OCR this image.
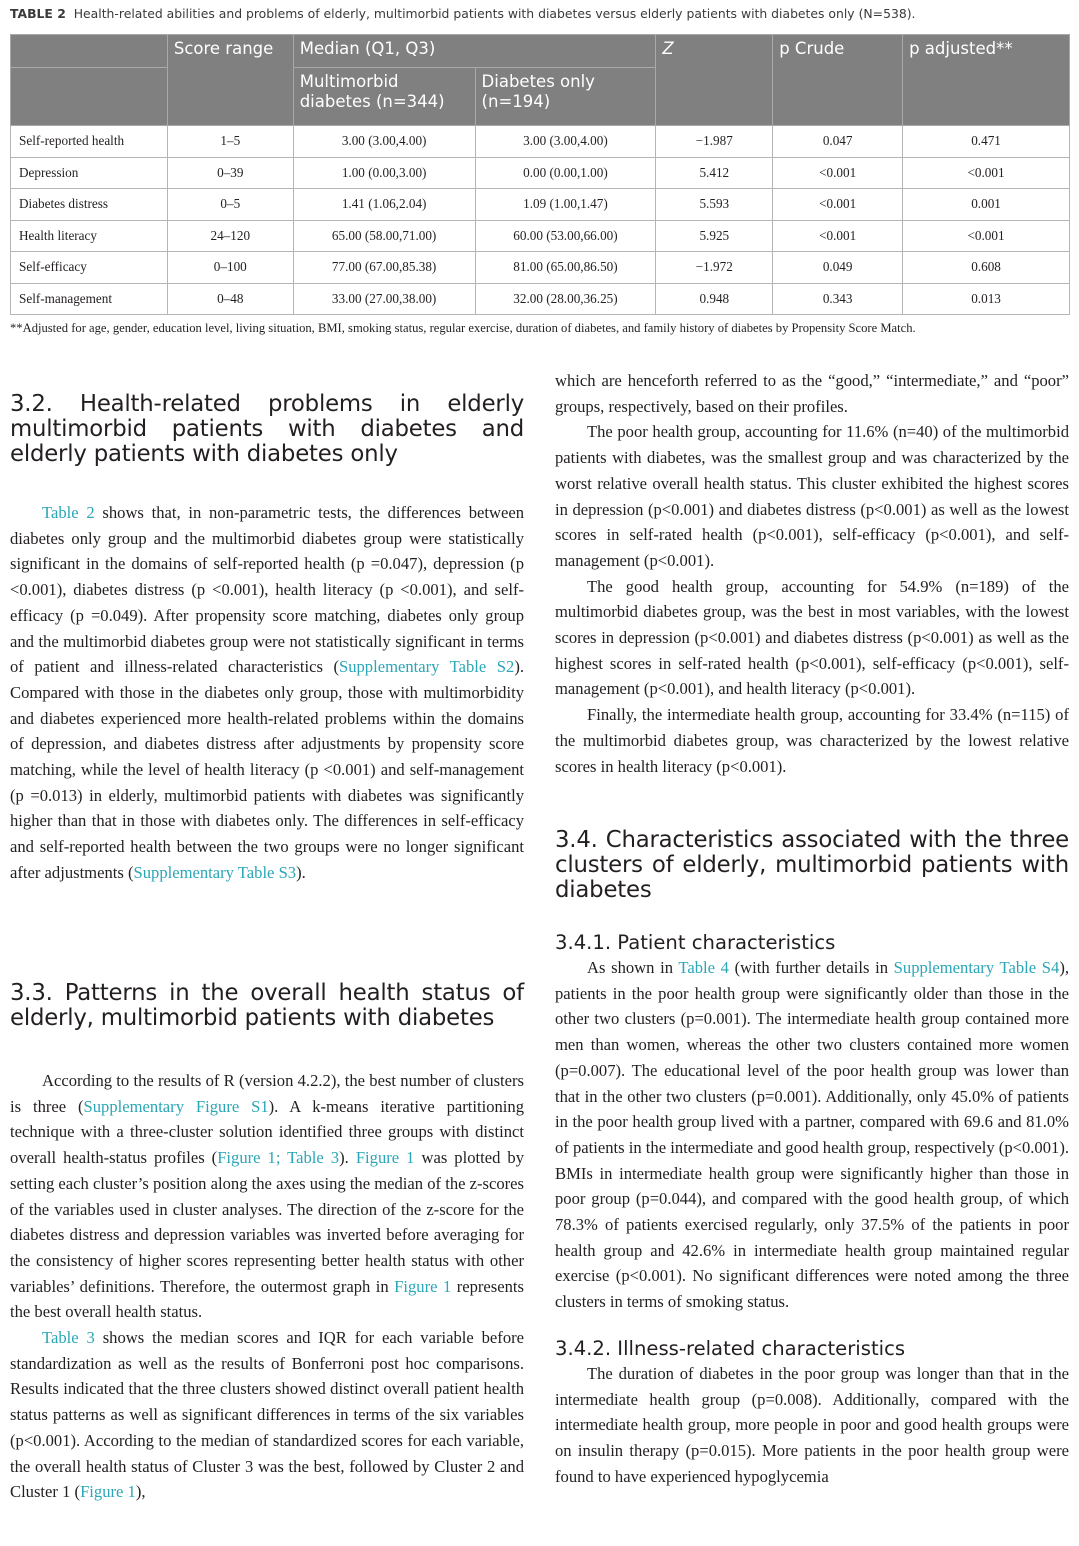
TABLE 2 Health-related abilities and problems of elderly, multimorbid patients with diabetes versus elderly patients with diabetes only (N=538).
	Score range	Median (Q1, Q3)		Z	p Crude	p adjusted**
		Multimorbid diabetes (n=344)	Diabetes only (n=194)			
Self-reported health	1–5	3.00 (3.00,4.00)	3.00 (3.00,4.00)	−1.987	0.047	0.471
Depression	0–39	1.00 (0.00,3.00)	0.00 (0.00,1.00)	5.412	<0.001	<0.001
Diabetes distress	0–5	1.41 (1.06,2.04)	1.09 (1.00,1.47)	5.593	<0.001	0.001
Health literacy	24–120	65.00 (58.00,71.00)	60.00 (53.00,66.00)	5.925	<0.001	<0.001
Self-efficacy	0–100	77.00 (67.00,85.38)	81.00 (65.00,86.50)	−1.972	0.049	0.608
Self-management	0–48	33.00 (27.00,38.00)	32.00 (28.00,36.25)	0.948	0.343	0.013
**Adjusted for age, gender, education level, living situation, BMI, smoking status, regular exercise, duration of diabetes, and family history of diabetes by Propensity Score Match.
3.2. Health-related problems in elderly multimorbid patients with diabetes and elderly patients with diabetes only

Table 2 shows that, in non-parametric tests, the differences between diabetes only group and the multimorbid diabetes group were statistically significant in the domains of self-reported health (p =0.047), depression (p <0.001), diabetes distress (p <0.001), health literacy (p <0.001), and self-efficacy (p =0.049). After propensity score matching, diabetes only group and the multimorbid diabetes group were not statistically significant in terms of patient and illness-related characteristics (Supplementary Table S2). Compared with those in the diabetes only group, those with multimorbidity and diabetes experienced more health-related problems within the domains of depression, and diabetes distress after adjustments by propensity score matching, while the level of health literacy (p <0.001) and self-management (p =0.013) in elderly, multimorbid patients with diabetes was significantly higher than that in those with diabetes only. The differences in self-efficacy and self-reported health between the two groups were no longer significant after adjustments (Supplementary Table S3).

3.3. Patterns in the overall health status of elderly, multimorbid patients with diabetes

According to the results of R (version 4.2.2), the best number of clusters is three (Supplementary Figure S1). A k-means iterative partitioning technique with a three-cluster solution identified three groups with distinct overall health-status profiles (Figure 1; Table 3). Figure 1 was plotted by setting each cluster’s position along the axes using the median of the z-scores of the variables used in cluster analyses. The direction of the z-score for the diabetes distress and depression variables was inverted before averaging for the consistency of higher scores representing better health status with other variables’ definitions. Therefore, the outermost graph in Figure 1 represents the best overall health status.

Table 3 shows the median scores and IQR for each variable before standardization as well as the results of Bonferroni post hoc comparisons. Results indicated that the three clusters showed distinct overall patient health status patterns as well as significant differences in terms of the six variables (p<0.001). According to the median of standardized scores for each variable, the overall health status of Cluster 3 was the best, followed by Cluster 2 and Cluster 1 (Figure 1),

which are henceforth referred to as the “good,” “intermediate,” and “poor” groups, respectively, based on their profiles.

The poor health group, accounting for 11.6% (n=40) of the multimorbid patients with diabetes, was the smallest group and was characterized by the worst relative overall health status. This cluster exhibited the highest scores in depression (p<0.001) and diabetes distress (p<0.001) as well as the lowest scores in self-rated health (p<0.001), self-efficacy (p<0.001), and self-management (p<0.001).

The good health group, accounting for 54.9% (n=189) of the multimorbid diabetes group, was the best in most variables, with the lowest scores in depression (p<0.001) and diabetes distress (p<0.001) as well as the highest scores in self-rated health (p<0.001), self-efficacy (p<0.001), self-management (p<0.001), and health literacy (p<0.001).

Finally, the intermediate health group, accounting for 33.4% (n=115) of the multimorbid diabetes group, was characterized by the lowest relative scores in health literacy (p<0.001).

3.4. Characteristics associated with the three clusters of elderly, multimorbid patients with diabetes
3.4.1. Patient characteristics

As shown in Table 4 (with further details in Supplementary Table S4), patients in the poor health group were significantly older than those in the other two clusters (p=0.001). The intermediate health group contained more men than women, whereas the other two clusters contained more women (p=0.007). The educational level of the poor health group was lower than that in the other two clusters (p=0.001). Additionally, only 45.0% of patients in the poor health group lived with a partner, compared with 69.6 and 81.0% of patients in the intermediate and good health group, respectively (p<0.001). BMIs in intermediate health group were significantly higher than those in poor group (p=0.044), and compared with the good health group, of which 78.3% of patients exercised regularly, only 37.5% of the patients in poor health group and 42.6% in intermediate health group maintained regular exercise (p<0.001). No significant differences were noted among the three clusters in terms of smoking status.

3.4.2. Illness-related characteristics

The duration of diabetes in the poor group was longer than that in the intermediate health group (p=0.008). Additionally, compared with the intermediate health group, more people in poor and good health groups were on insulin therapy (p=0.015). More patients in the poor health group were found to have experienced hypoglycemia
